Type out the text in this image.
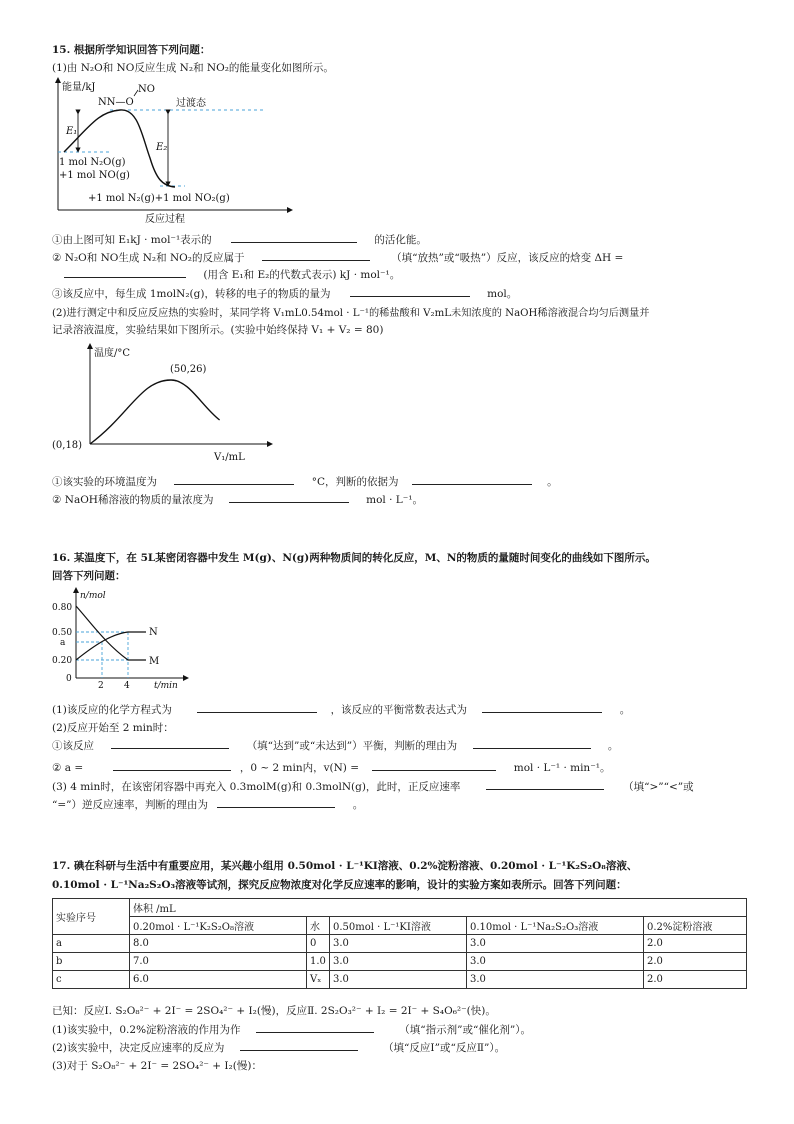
15. 根据所学知识回答下列问题：
(1)由 N₂O和 NO反应生成 N₂和 NO₂的能量变化如图所示。
能量/kJ
NN—O
NO
过渡态
E₁
E₂
1 mol N₂O(g)
+1 mol NO(g)
+1 mol N₂(g)+1 mol NO₂(g)
反应过程
①由上图可知 E₁kJ · mol⁻¹表示的	的活化能。
② N₂O和 NO生成 N₂和 NO₂的反应属于	（填“放热”或“吸热”）反应，该反应的焓变 ΔH =
(用含 E₁和 E₂的代数式表示) kJ · mol⁻¹。
③该反应中，每生成 1molN₂(g)，转移的电子的物质的量为	mol。
(2)进行测定中和反应反应热的实验时，某同学将 V₁mL0.54mol · L⁻¹的稀盐酸和 V₂mL未知浓度的 NaOH稀溶液混合均匀后测量并
记录溶液温度，实验结果如下图所示。(实验中始终保持 V₁ + V₂ = 80)
温度/°C
V₁/mL
(0,18)
(50,26)
①该实验的环境温度为	°C，判断的依据为	。
② NaOH稀溶液的物质的量浓度为	mol · L⁻¹。
16. 某温度下，在 5L某密闭容器中发生 M(g)、N(g)两种物质间的转化反应，M、N的物质的量随时间变化的曲线如下图所示。
回答下列问题：
n/mol
t/min
0.80
0.50
a
0.20
0
2 4
N
M
(1)该反应的化学方程式为	，该反应的平衡常数表达式为	。
(2)反应开始至 2 min时：
①该反应	（填“达到”或“未达到”）平衡，判断的理由为	。
② a =	，0 ~ 2 min内，v(N) =	mol · L⁻¹ · min⁻¹。
(3) 4 min时，在该密闭容器中再充入 0.3molM(g)和 0.3molN(g)，此时，正反应速率	（填“>”“<”或
“=”）逆反应速率，判断的理由为	。
17. 碘在科研与生活中有重要应用，某兴趣小组用 0.50mol · L⁻¹KI溶液、0.2%淀粉溶液、0.20mol · L⁻¹K₂S₂O₈溶液、
0.10mol · L⁻¹Na₂S₂O₃溶液等试剂，探究反应物浓度对化学反应速率的影响，设计的实验方案如表所示。回答下列问题：
实验序号	体积 /mL				
	0.20mol · L⁻¹K₂S₂O₈溶液	水	0.50mol · L⁻¹KI溶液	0.10mol · L⁻¹Na₂S₂O₃溶液	0.2%淀粉溶液
a	8.0	0	3.0	3.0	2.0
b	7.0	1.0	3.0	3.0	2.0
c	6.0	Vₓ	3.0	3.0	2.0
已知：反应Ⅰ. S₂O₈²⁻ + 2I⁻ = 2SO₄²⁻ + I₂(慢)，反应Ⅱ. 2S₂O₃²⁻ + I₂ = 2I⁻ + S₄O₆²⁻(快)。
(1)该实验中，0.2%淀粉溶液的作用为作	（填“指示剂”或“催化剂”）。
(2)该实验中，决定反应速率的反应为	（填“反应Ⅰ”或“反应Ⅱ”）。
(3)对于 S₂O₈²⁻ + 2I⁻ = 2SO₄²⁻ + I₂(慢)：
